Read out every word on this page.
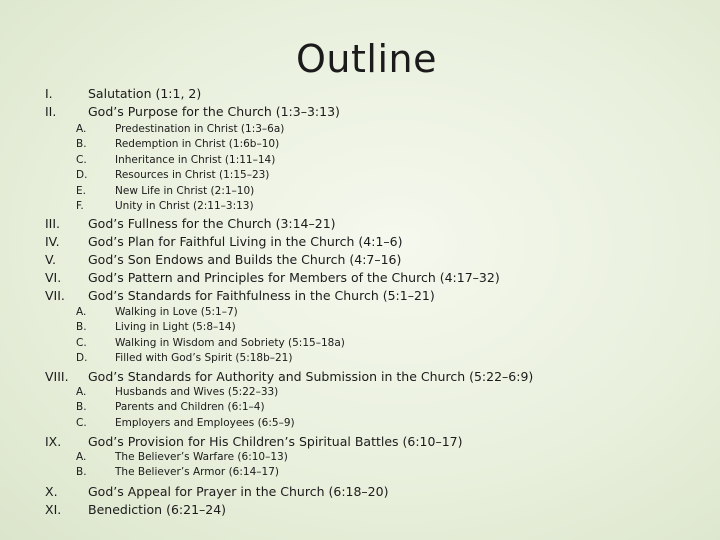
Outline
I.	Salutation (1:1, 2)
II.	God’s Purpose for the Church (1:3–3:13)
A.	Predestination in Christ (1:3–6a)
B.	Redemption in Christ (1:6b–10)
C.	Inheritance in Christ (1:11–14)
D.	Resources in Christ (1:15–23)
E.	New Life in Christ (2:1–10)
F.	Unity in Christ (2:11–3:13)
III. God’s Fullness for the Church (3:14–21)
IV. God’s Plan for Faithful Living in the Church (4:1–6)
V.	God’s Son Endows and Builds the Church (4:7–16)
VI. God’s Pattern and Principles for Members of the Church (4:17–32)
VII. God’s Standards for Faithfulness in the Church (5:1–21)
A.	Walking in Love (5:1–7)
B.	Living in Light (5:8–14)
C.	Walking in Wisdom and Sobriety (5:15–18a)
D.	Filled with God’s Spirit (5:18b–21)
VIII. God’s Standards for Authority and Submission in the Church (5:22–6:9)
A.	Husbands and Wives (5:22–33)
B.	Parents and Children (6:1–4)
C.	Employers and Employees (6:5–9)
IX. God’s Provision for His Children’s Spiritual Battles (6:10–17)
A.	The Believer’s Warfare (6:10–13)
B.	The Believer’s Armor (6:14–17)
X. God’s Appeal for Prayer in the Church (6:18–20)
XI. Benediction (6:21–24)
